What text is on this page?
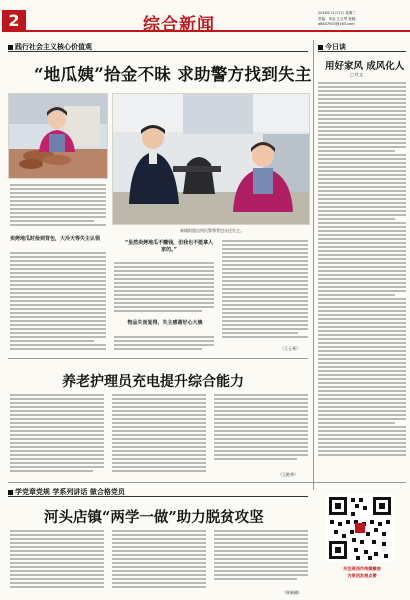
2	综合新闻
2016年11月2日 星期三
责编：李品 王玉琴 校稿：
a6847500@163.com
践行社会主义核心价值观
“地瓜姨”拾金不昧 求助警方找到失主
新城街派出所民警将背包交还失主。
卖烤地瓜时捡到背包，大冷天等失主认领
“虽然卖烤地瓜不赚钱，但我也不能拿人家的。”
物品失而复得，失主感谢好心大姨
（王玉琴）
今日谈
用好家风 成风化人
□ 杜文
养老护理员充电提升综合能力
（王艳华）
学党章党规 学系列讲话 做合格党员
河头店镇“两学一做”助力脱贫攻坚
（崔新楠）
关注莱西市传媒微信
为莱西发展点赞
